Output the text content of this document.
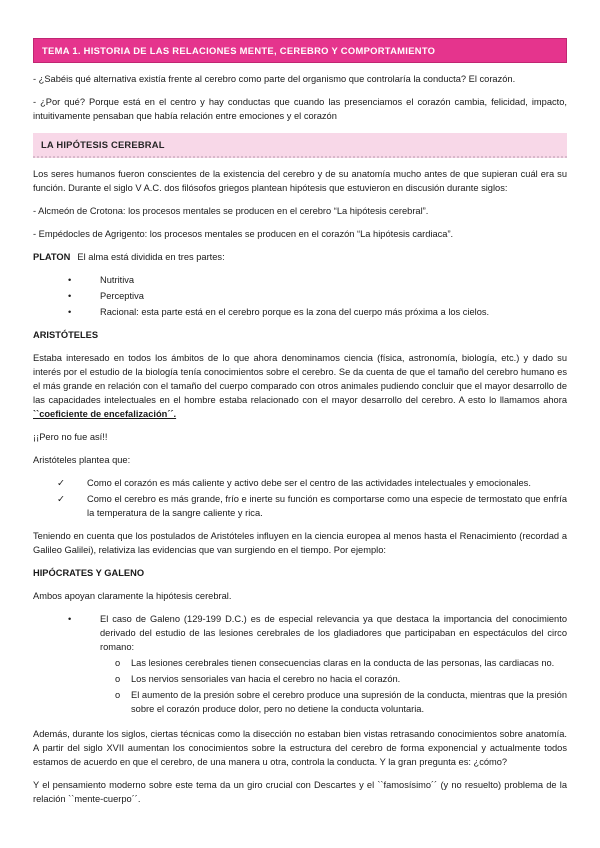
TEMA 1. HISTORIA DE LAS RELACIONES MENTE, CEREBRO Y COMPORTAMIENTO

- ¿Sabéis qué alternativa existía frente al cerebro como parte del organismo que controlaría la conducta? El corazón.

- ¿Por qué? Porque está en el centro y hay conductas que cuando las presenciamos el corazón cambia, felicidad, impacto, intuitivamente pensaban que había relación entre emociones y el corazón

LA HIPÓTESIS CEREBRAL

Los seres humanos fueron conscientes de la existencia del cerebro y de su anatomía mucho antes de que supieran cuál era su función. Durante el siglo V A.C. dos filósofos griegos plantean hipótesis que estuvieron en discusión durante siglos:

- Alcmeón de Crotona: los procesos mentales se producen en el cerebro “La hipótesis cerebral”.

- Empédocles de Agrigento: los procesos mentales se producen en el corazón “La hipótesis cardiaca”.

PLATON El alma está dividida en tres partes:

•	Nutritiva
•	Perceptiva
•	Racional: esta parte está en el cerebro porque es la zona del cuerpo más próxima a los cielos.

ARISTÓTELES

Estaba interesado en todos los ámbitos de lo que ahora denominamos ciencia (física, astronomía, biología, etc.) y dado su interés por el estudio de la biología tenía conocimientos sobre el cerebro. Se da cuenta de que el tamaño del cerebro humano es el más grande en relación con el tamaño del cuerpo comparado con otros animales pudiendo concluir que el mayor desarrollo de las capacidades intelectuales en el hombre estaba relacionado con el mayor desarrollo del cerebro. A esto lo llamamos ahora ``coeficiente de encefalización´´.

¡¡Pero no fue así!!

Aristóteles plantea que:

✓	Como el corazón es más caliente y activo debe ser el centro de las actividades intelectuales y emocionales.
✓	Como el cerebro es más grande, frío e inerte su función es comportarse como una especie de termostato que enfría la temperatura de la sangre caliente y rica.

Teniendo en cuenta que los postulados de Aristóteles influyen en la ciencia europea al menos hasta el Renacimiento (recordad a Galileo Galilei), relativiza las evidencias que van surgiendo en el tiempo. Por ejemplo:

HIPÓCRATES Y GALENO

Ambos apoyan claramente la hipótesis cerebral.

•	El caso de Galeno (129-199 D.C.) es de especial relevancia ya que destaca la importancia del conocimiento derivado del estudio de las lesiones cerebrales de los gladiadores que participaban en espectáculos del circo romano:
o	Las lesiones cerebrales tienen consecuencias claras en la conducta de las personas, las cardiacas no.
o	Los nervios sensoriales van hacia el cerebro no hacia el corazón.
o	El aumento de la presión sobre el cerebro produce una supresión de la conducta, mientras que la presión sobre el corazón produce dolor, pero no detiene la conducta voluntaria.

Además, durante los siglos, ciertas técnicas como la disección no estaban bien vistas retrasando conocimientos sobre anatomía. A partir del siglo XVII aumentan los conocimientos sobre la estructura del cerebro de forma exponencial y actualmente todos estamos de acuerdo en que el cerebro, de una manera u otra, controla la conducta. Y la gran pregunta es: ¿cómo?

Y el pensamiento moderno sobre este tema da un giro crucial con Descartes y el ``famosísimo´´ (y no resuelto) problema de la relación ``mente-cuerpo´´.
